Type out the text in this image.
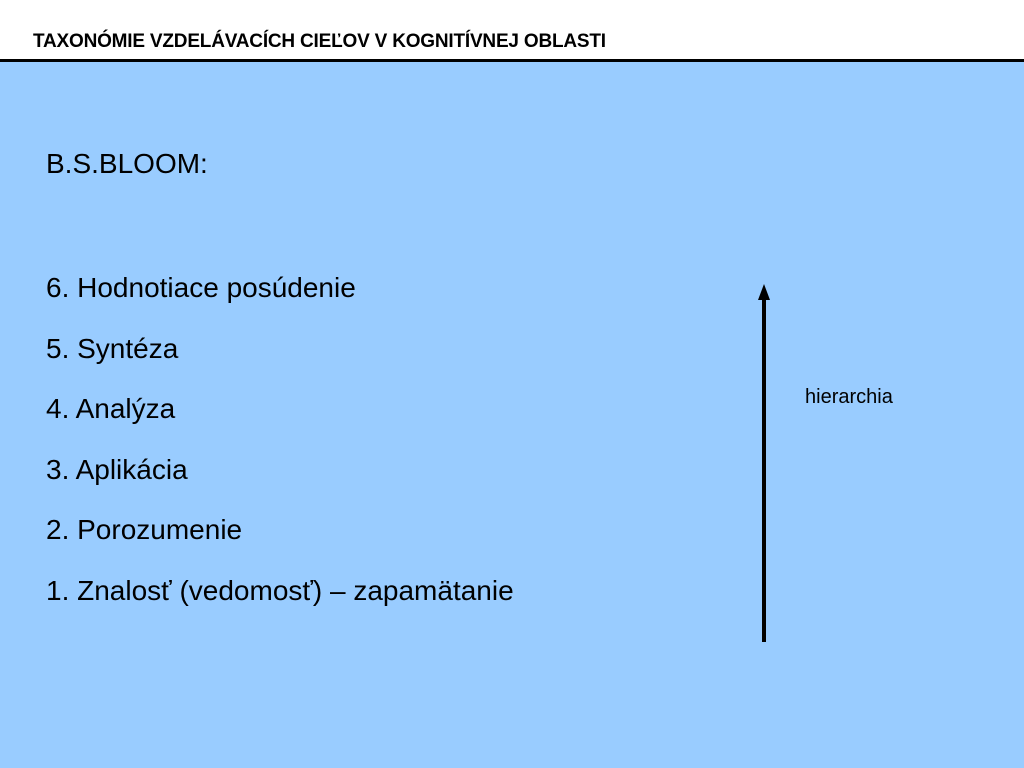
TAXONÓMIE VZDELÁVACÍCH CIEĽOV V KOGNITÍVNEJ OBLASTI
B.S.BLOOM:
6. Hodnotiace posúdenie
5. Syntéza
4. Analýza
3. Aplikácia
2. Porozumenie
1. Znalosť (vedomosť) – zapamätanie
hierarchia
